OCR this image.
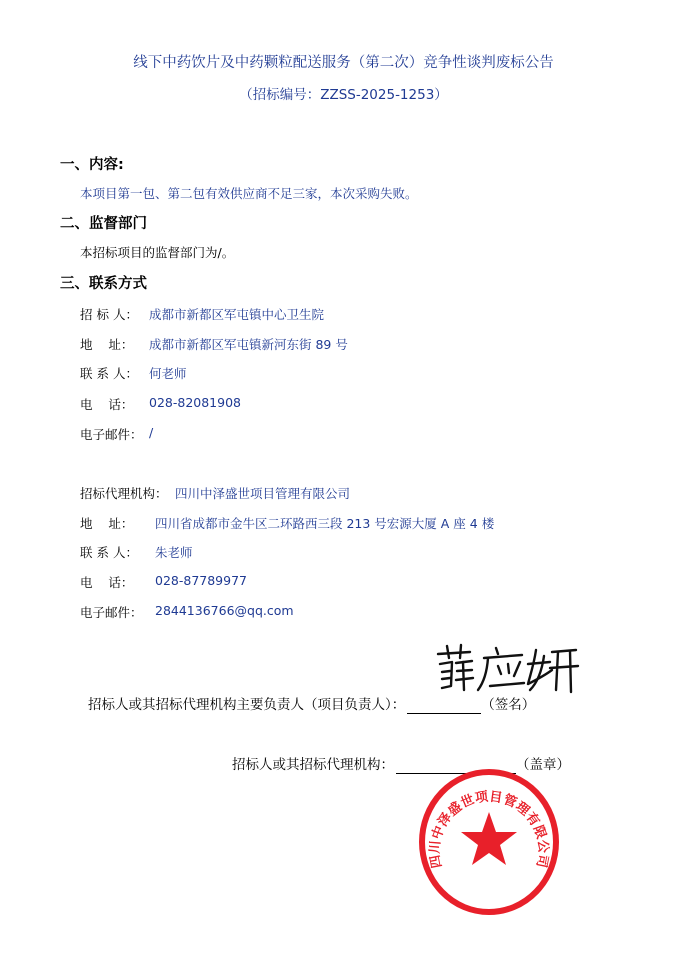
线下中药饮片及中药颗粒配送服务（第二次）竞争性谈判废标公告
（招标编号：ZZSS-2025-1253）
一、内容:
本项目第一包、第二包有效供应商不足三家，本次采购失败。
二、监督部门
本招标项目的监督部门为/。
三、联系方式
招 标 人： 成都市新都区军屯镇中心卫生院
地    址： 成都市新都区军屯镇新河东街 89 号
联 系 人： 何老师
电    话： 028-82081908
电子邮件： /
招标代理机构： 四川中泽盛世项目管理有限公司
地    址： 四川省成都市金牛区二环路西三段 213 号宏源大厦 A 座 4 楼
联 系 人： 朱老师
电    话： 028-87789977
电子邮件： 2844136766@qq.com
招标人或其招标代理机构主要负责人（项目负责人）：	（签名）
招标人或其招标代理机构：	（盖章）
四川中泽盛世项目管理有限公司
